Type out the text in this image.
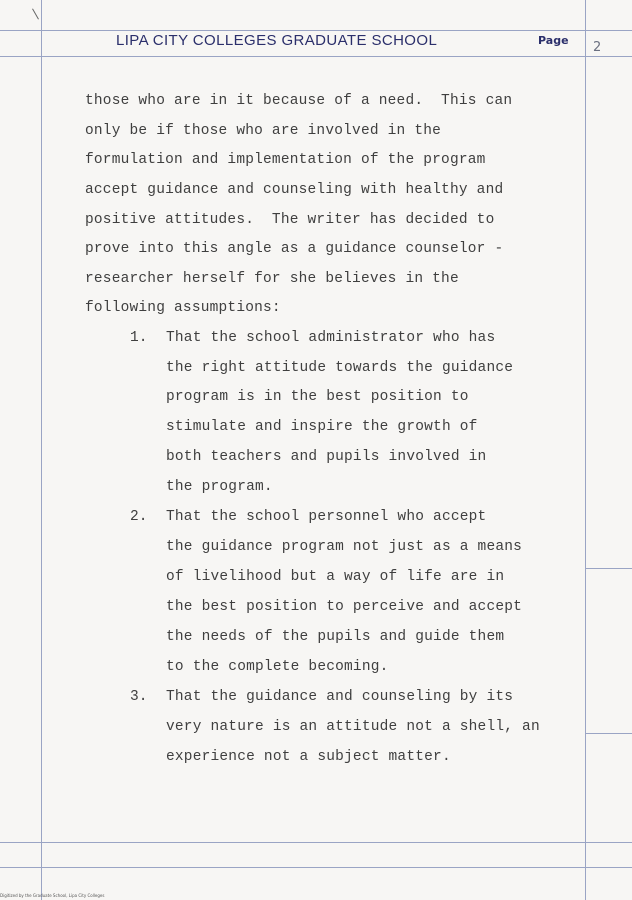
LIPA CITY COLLEGES GRADUATE SCHOOL	Page 2
those who are in it because of a need.  This can
only be if those who are involved in the
formulation and implementation of the program
accept guidance and counseling with healthy and
positive attitudes.  The writer has decided to
prove into this angle as a guidance counselor -
researcher herself for she believes in the
following assumptions:
1. That the school administrator who has
the right attitude towards the guidance
program is in the best position to
stimulate and inspire the growth of
both teachers and pupils involved in
the program.
2. That the school personnel who accept
the guidance program not just as a means
of livelihood but a way of life are in
the best position to perceive and accept
the needs of the pupils and guide them
to the complete becoming.
3. That the guidance and counseling by its
very nature is an attitude not a shell, an
experience not a subject matter.
Digitized by the Graduate School, Lipa City Colleges
